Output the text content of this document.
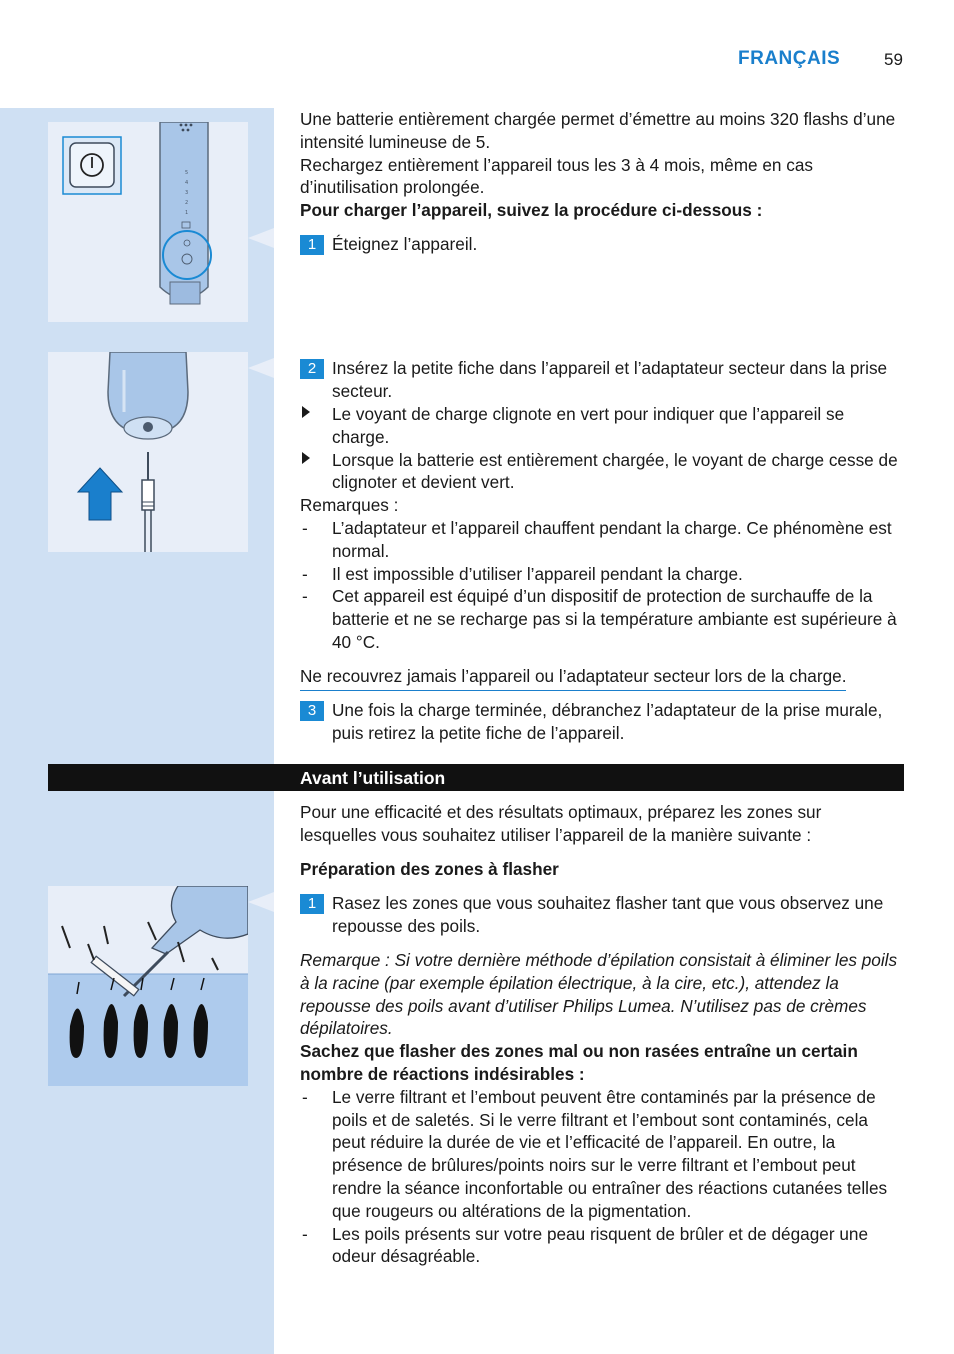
FRANÇAIS	59
5
4
3
2
1

Une batterie entièrement chargée permet d’émettre au moins 320 flashs d’une intensité lumineuse de 5.

Rechargez entièrement l’appareil tous les 3 à 4 mois, même en cas d’inutilisation prolongée.

Pour charger l’appareil, suivez la procédure ci-dessous :

1 Éteignez l’appareil.
2 Insérez la petite fiche dans l’appareil et l’adaptateur secteur dans la prise secteur.
Le voyant de charge clignote en vert pour indiquer que l’appareil se charge.
Lorsque la batterie est entièrement chargée, le voyant de charge cesse de clignoter et devient vert.

Remarques :

- L’adaptateur et l’appareil chauffent pendant la charge. Ce phénomène est normal.
- Il est impossible d’utiliser l’appareil pendant la charge.
- Cet appareil est équipé d’un dispositif de protection de surchauffe de la batterie et ne se recharge pas si la température ambiante est supérieure à 40 °C.
Ne recouvrez jamais l’appareil ou l’adaptateur secteur lors de la charge.
3 Une fois la charge terminée, débranchez l’adaptateur de la prise murale, puis retirez la petite fiche de l’appareil.
Avant l’utilisation

Pour une efficacité et des résultats optimaux, préparez les zones sur lesquelles vous souhaitez utiliser l’appareil de la manière suivante :

Préparation des zones à flasher

1 Rasez les zones que vous souhaitez flasher tant que vous observez une repousse des poils.

Remarque : Si votre dernière méthode d’épilation consistait à éliminer les poils à la racine (par exemple épilation électrique, à la cire, etc.), attendez la repousse des poils avant d’utiliser Philips Lumea. N’utilisez pas de crèmes dépilatoires.

Sachez que flasher des zones mal ou non rasées entraîne un certain nombre de réactions indésirables :

- Le verre filtrant et l’embout peuvent être contaminés par la présence de poils et de saletés. Si le verre filtrant et l’embout sont contaminés, cela peut réduire la durée de vie et l’efficacité de l’appareil. En outre, la présence de brûlures/points noirs sur le verre filtrant et l’embout peut rendre la séance inconfortable ou entraîner des réactions cutanées telles que rougeurs ou altérations de la pigmentation.
- Les poils présents sur votre peau risquent de brûler et de dégager une odeur désagréable.
